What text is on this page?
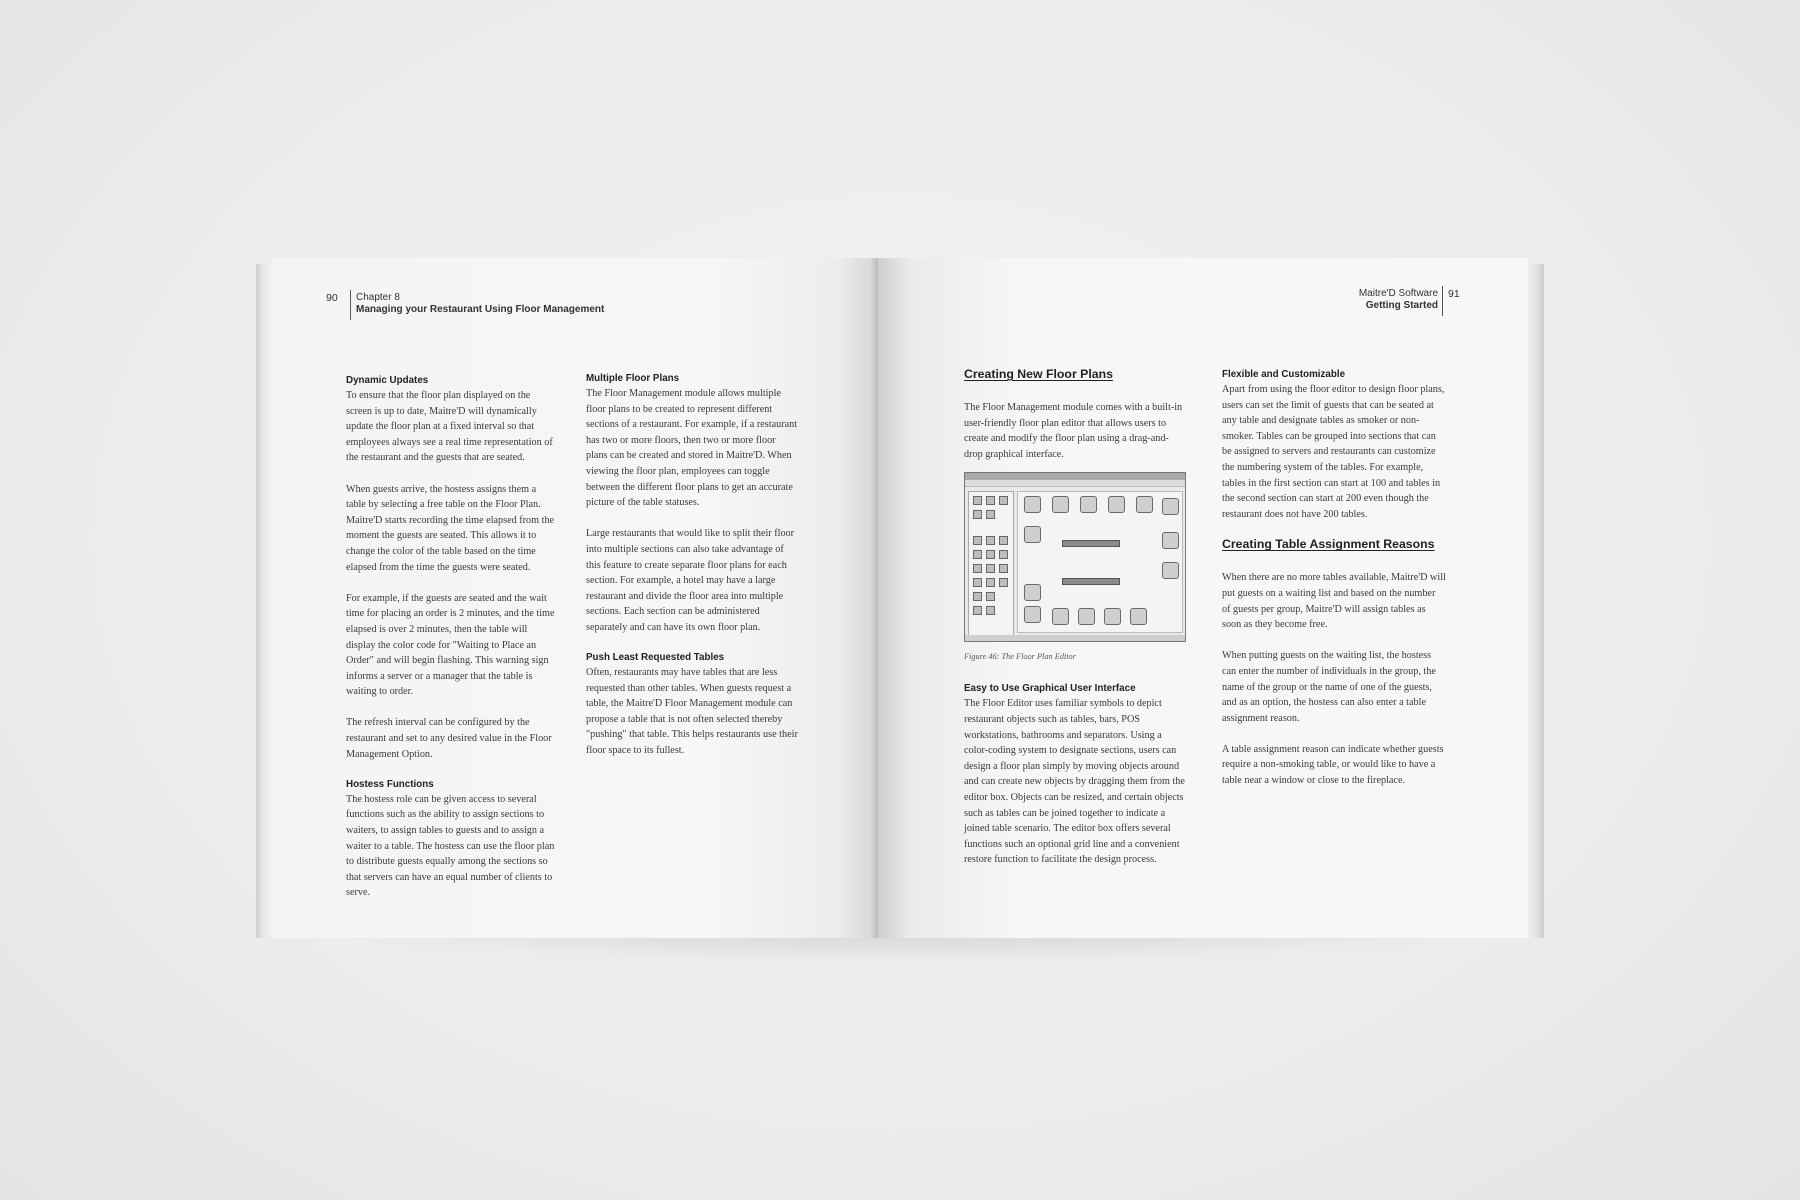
90 Chapter 8
Managing your Restaurant Using Floor Management
Dynamic Updates

To ensure that the floor plan displayed on the screen is up to date, Maitre'D will dynamically update the floor plan at a fixed interval so that employees always see a real time representation of the restaurant and the guests that are seated.

When guests arrive, the hostess assigns them a table by selecting a free table on the Floor Plan. Maitre'D starts recording the time elapsed from the moment the guests are seated. This allows it to change the color of the table based on the time elapsed from the time the guests were seated.

For example, if the guests are seated and the wait time for placing an order is 2 minutes, and the time elapsed is over 2 minutes, then the table will display the color code for "Waiting to Place an Order" and will begin flashing. This warning sign informs a server or a manager that the table is waiting to order.

The refresh interval can be configured by the restaurant and set to any desired value in the Floor Management Option.

Hostess Functions

The hostess role can be given access to several functions such as the ability to assign sections to waiters, to assign tables to guests and to assign a waiter to a table. The hostess can use the floor plan to distribute guests equally among the sections so that servers can have an equal number of clients to serve.

Multiple Floor Plans

The Floor Management module allows multiple floor plans to be created to represent different sections of a restaurant. For example, if a restaurant has two or more floors, then two or more floor plans can be created and stored in Maitre'D. When viewing the floor plan, employees can toggle between the different floor plans to get an accurate picture of the table statuses.

Large restaurants that would like to split their floor into multiple sections can also take advantage of this feature to create separate floor plans for each section. For example, a hotel may have a large restaurant and divide the floor area into multiple sections. Each section can be administered separately and can have its own floor plan.

Push Least Requested Tables

Often, restaurants may have tables that are less requested than other tables. When guests request a table, the Maitre'D Floor Management module can propose a table that is not often selected thereby "pushing" that table. This helps restaurants use their floor space to its fullest.

Maitre'D Software
Getting Started
91
Creating New Floor Plans

The Floor Management module comes with a built-in user-friendly floor plan editor that allows users to create and modify the floor plan using a drag-and-drop graphical interface.

Figure 46: The Floor Plan Editor
Easy to Use Graphical User Interface

The Floor Editor uses familiar symbols to depict restaurant objects such as tables, bars, POS workstations, bathrooms and separators. Using a color-coding system to designate sections, users can design a floor plan simply by moving objects around and can create new objects by dragging them from the editor box. Objects can be resized, and certain objects such as tables can be joined together to indicate a joined table scenario. The editor box offers several functions such an optional grid line and a convenient restore function to facilitate the design process.

Flexible and Customizable

Apart from using the floor editor to design floor plans, users can set the limit of guests that can be seated at any table and designate tables as smoker or non-smoker. Tables can be grouped into sections that can be assigned to servers and restaurants can customize the numbering system of the tables. For example, tables in the first section can start at 100 and tables in the second section can start at 200 even though the restaurant does not have 200 tables.

Creating Table Assignment Reasons

When there are no more tables available, Maitre'D will put guests on a waiting list and based on the number of guests per group, Maitre'D will assign tables as soon as they become free.

When putting guests on the waiting list, the hostess can enter the number of individuals in the group, the name of the group or the name of one of the guests, and as an option, the hostess can also enter a table assignment reason.

A table assignment reason can indicate whether guests require a non-smoking table, or would like to have a table near a window or close to the fireplace.
